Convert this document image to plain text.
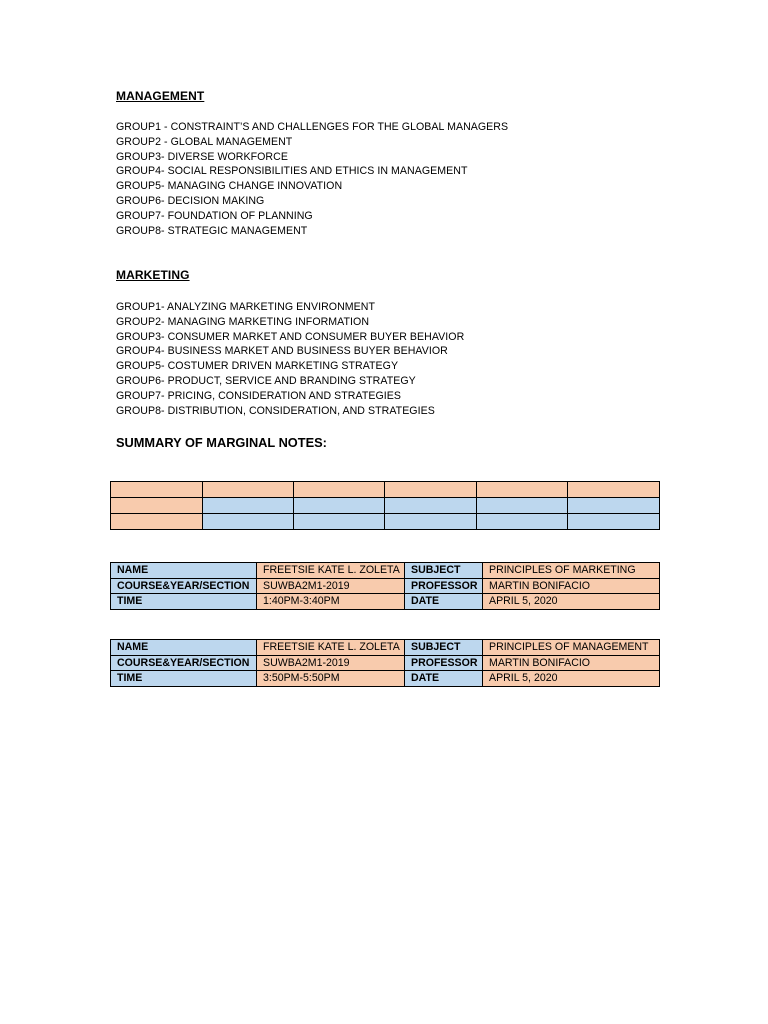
MANAGEMENT
GROUP1 - CONSTRAINT’S AND CHALLENGES FOR THE GLOBAL MANAGERS
GROUP2 - GLOBAL MANAGEMENT
GROUP3- DIVERSE WORKFORCE
GROUP4- SOCIAL RESPONSIBILITIES AND ETHICS IN MANAGEMENT
GROUP5- MANAGING CHANGE INNOVATION
GROUP6- DECISION MAKING
GROUP7- FOUNDATION OF PLANNING
GROUP8- STRATEGIC MANAGEMENT
MARKETING
GROUP1- ANALYZING MARKETING ENVIRONMENT
GROUP2- MANAGING MARKETING INFORMATION
GROUP3- CONSUMER MARKET AND CONSUMER BUYER BEHAVIOR
GROUP4- BUSINESS MARKET AND BUSINESS BUYER BEHAVIOR
GROUP5- COSTUMER DRIVEN MARKETING STRATEGY
GROUP6- PRODUCT, SERVICE AND BRANDING STRATEGY
GROUP7- PRICING, CONSIDERATION AND STRATEGIES
GROUP8- DISTRIBUTION, CONSIDERATION, AND STRATEGIES
SUMMARY OF MARGINAL NOTES:

NAME	FREETSIE KATE L. ZOLETA	SUBJECT	PRINCIPLES OF MARKETING
COURSE&YEAR/SECTION	SUWBA2M1-2019	PROFESSOR	MARTIN BONIFACIO
TIME	1:40PM-3:40PM	DATE	APRIL 5, 2020
NAME	FREETSIE KATE L. ZOLETA	SUBJECT	PRINCIPLES OF MANAGEMENT
COURSE&YEAR/SECTION	SUWBA2M1-2019	PROFESSOR	MARTIN BONIFACIO
TIME	3:50PM-5:50PM	DATE	APRIL 5, 2020
